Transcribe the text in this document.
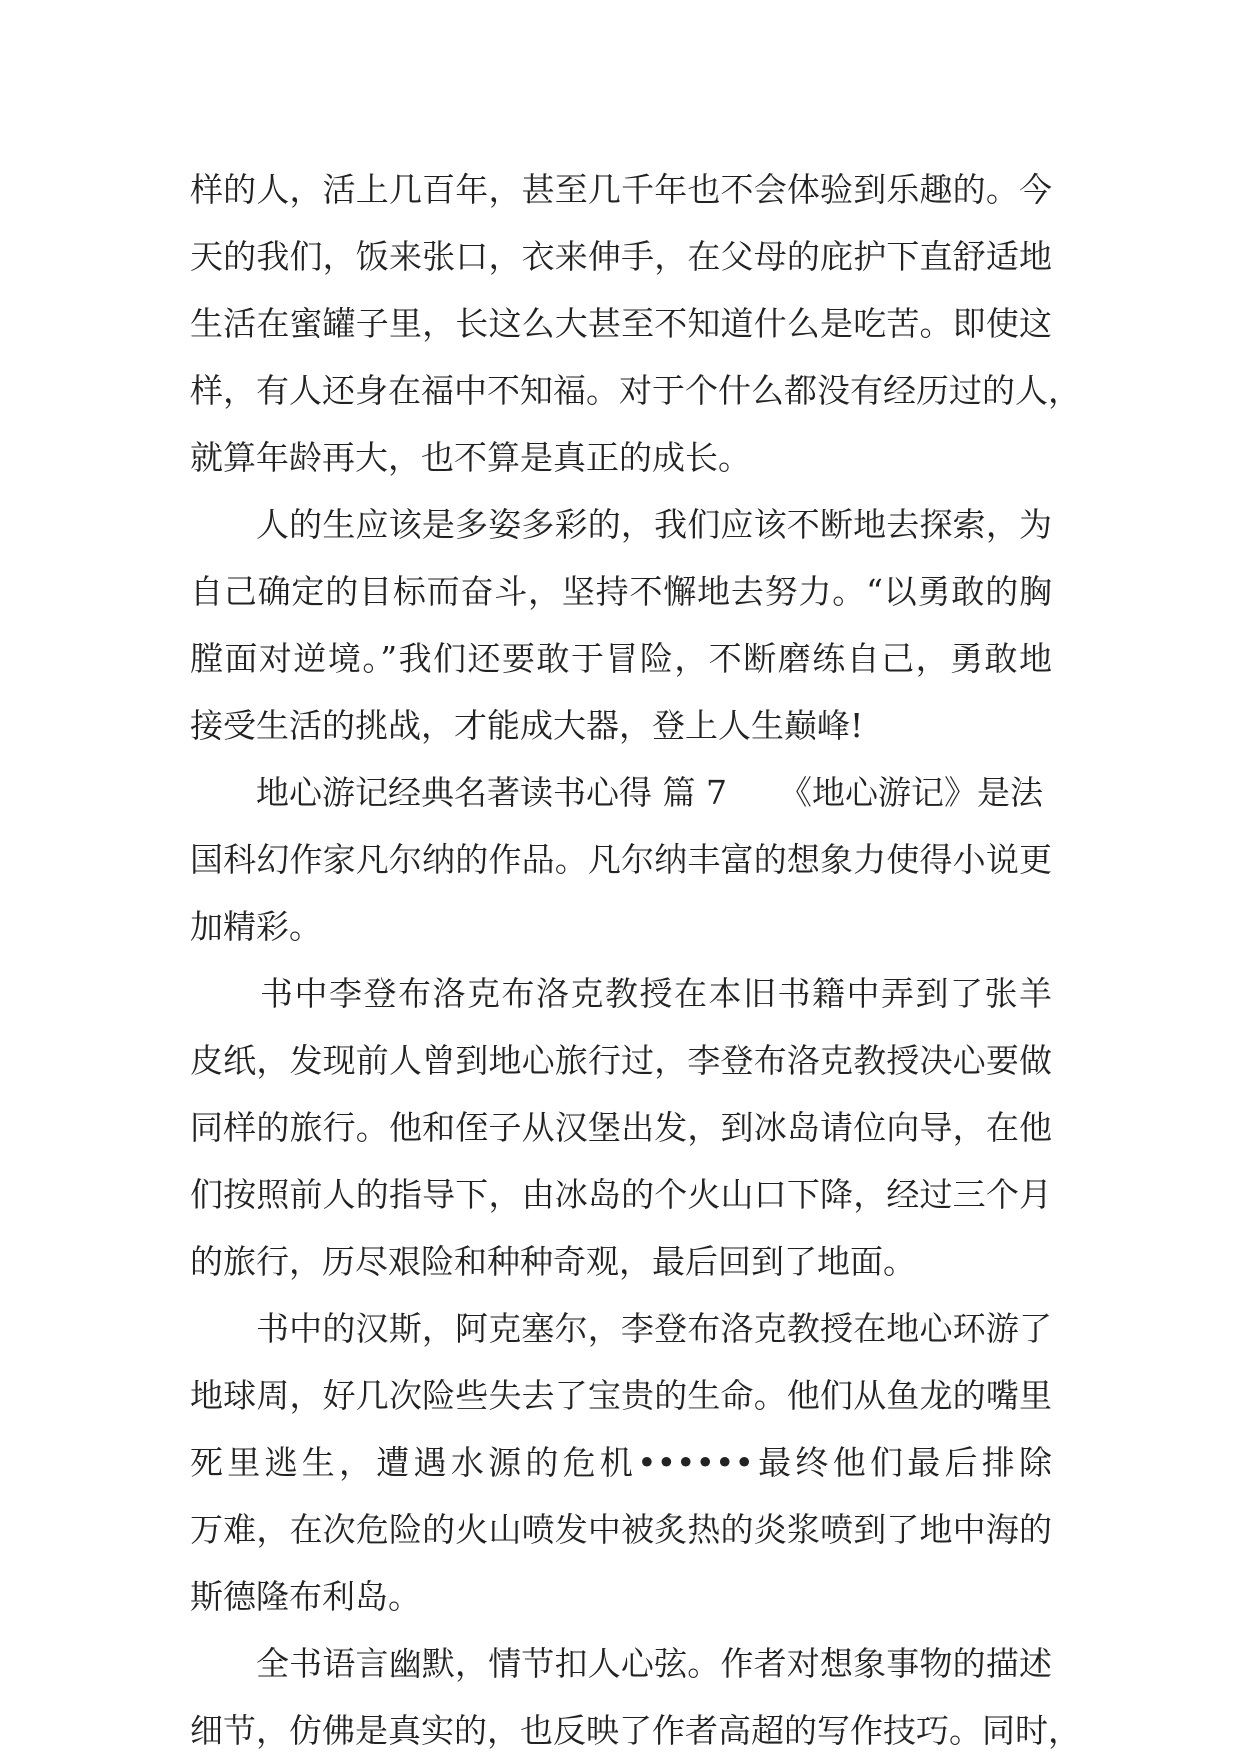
样的人，活上几百年，甚至几千年也不会体验到乐趣的。今
天的我们，饭来张口，衣来伸手，在父母的庇护下直舒适地
生活在蜜罐子里，长这么大甚至不知道什么是吃苦。即使这
样，有人还身在福中不知福。对于个什么都没有经历过的人，
就算年龄再大，也不算是真正的成长。
人的生应该是多姿多彩的，我们应该不断地去探索，为
自己确定的目标而奋斗，坚持不懈地去努力。“以勇敢的胸
膛面对逆境。”我们还要敢于冒险，不断磨练自己，勇敢地
接受生活的挑战，才能成大器，登上人生巅峰!
地心游记经典名著读书心得 篇 7 《地心游记》是法
国科幻作家凡尔纳的作品。凡尔纳丰富的想象力使得小说更
加精彩。
书中李登布洛克布洛克教授在本旧书籍中弄到了张羊
皮纸，发现前人曾到地心旅行过，李登布洛克教授决心要做
同样的旅行。他和侄子从汉堡出发，到冰岛请位向导，在他
们按照前人的指导下，由冰岛的个火山口下降，经过三个月
的旅行，历尽艰险和种种奇观，最后回到了地面。
书中的汉斯，阿克塞尔，李登布洛克教授在地心环游了
地球周，好几次险些失去了宝贵的生命。他们从鱼龙的嘴里
死里逃生，遭遇水源的危机••••••最终他们最后排除
万难，在次危险的火山喷发中被炙热的炎浆喷到了地中海的
斯德隆布利岛。
全书语言幽默，情节扣人心弦。作者对想象事物的描述
细节，仿佛是真实的，也反映了作者高超的写作技巧。同时，
